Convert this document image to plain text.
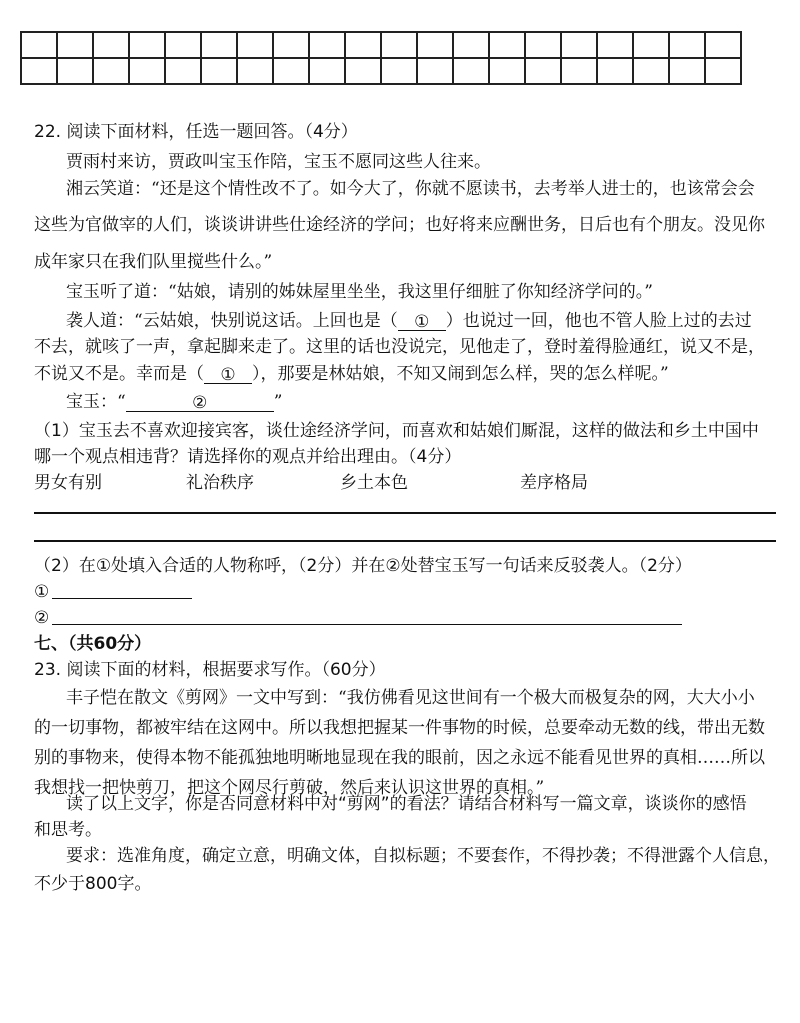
22. 阅读下面材料，任选一题回答。（4分）
贾雨村来访，贾政叫宝玉作陪，宝玉不愿同这些人往来。
湘云笑道：“还是这个情性改不了。如今大了，你就不愿读书，去考举人进士的，也该常会会
这些为官做宰的人们，谈谈讲讲些仕途经济的学问；也好将来应酬世务，日后也有个朋友。没见你
成年家只在我们队里搅些什么。”
宝玉听了道：“姑娘，请别的姊妹屋里坐坐，我这里仔细脏了你知经济学问的。”
袭人道：“云姑娘，快别说这话。上回也是（ ① ）也说过一回，他也不管人脸上过的去过
不去，就咳了一声，拿起脚来走了。这里的话也没说完，见他走了，登时羞得脸通红，说又不是，
不说又不是。幸而是（ ① ），那要是林姑娘，不知又闹到怎么样，哭的怎么样呢。”
宝玉：“	②	”
（1）宝玉去不喜欢迎接宾客，谈仕途经济学问，而喜欢和姑娘们厮混，这样的做法和乡土中国中
哪一个观点相违背？请选择你的观点并给出理由。（4分）
男女有别	礼治秩序	乡土本色	差序格局
（2）在①处填入合适的人物称呼，（2分）并在②处替宝玉写一句话来反驳袭人。（2分）
①
②
七、（共60分）
23. 阅读下面的材料，根据要求写作。（60分）
丰子恺在散文《剪网》一文中写到：“我仿佛看见这世间有一个极大而极复杂的网，大大小小
的一切事物，都被牢结在这网中。所以我想把握某一件事物的时候，总要牵动无数的线，带出无数
别的事物来，使得本物不能孤独地明晰地显现在我的眼前，因之永远不能看见世界的真相……所以
我想找一把快剪刀，把这个网尽行剪破，然后来认识这世界的真相。”
读了以上文字，你是否同意材料中对“剪网”的看法？请结合材料写一篇文章，谈谈你的感悟
和思考。
要求：选准角度，确定立意，明确文体，自拟标题；不要套作，不得抄袭；不得泄露个人信息，
不少于800字。
